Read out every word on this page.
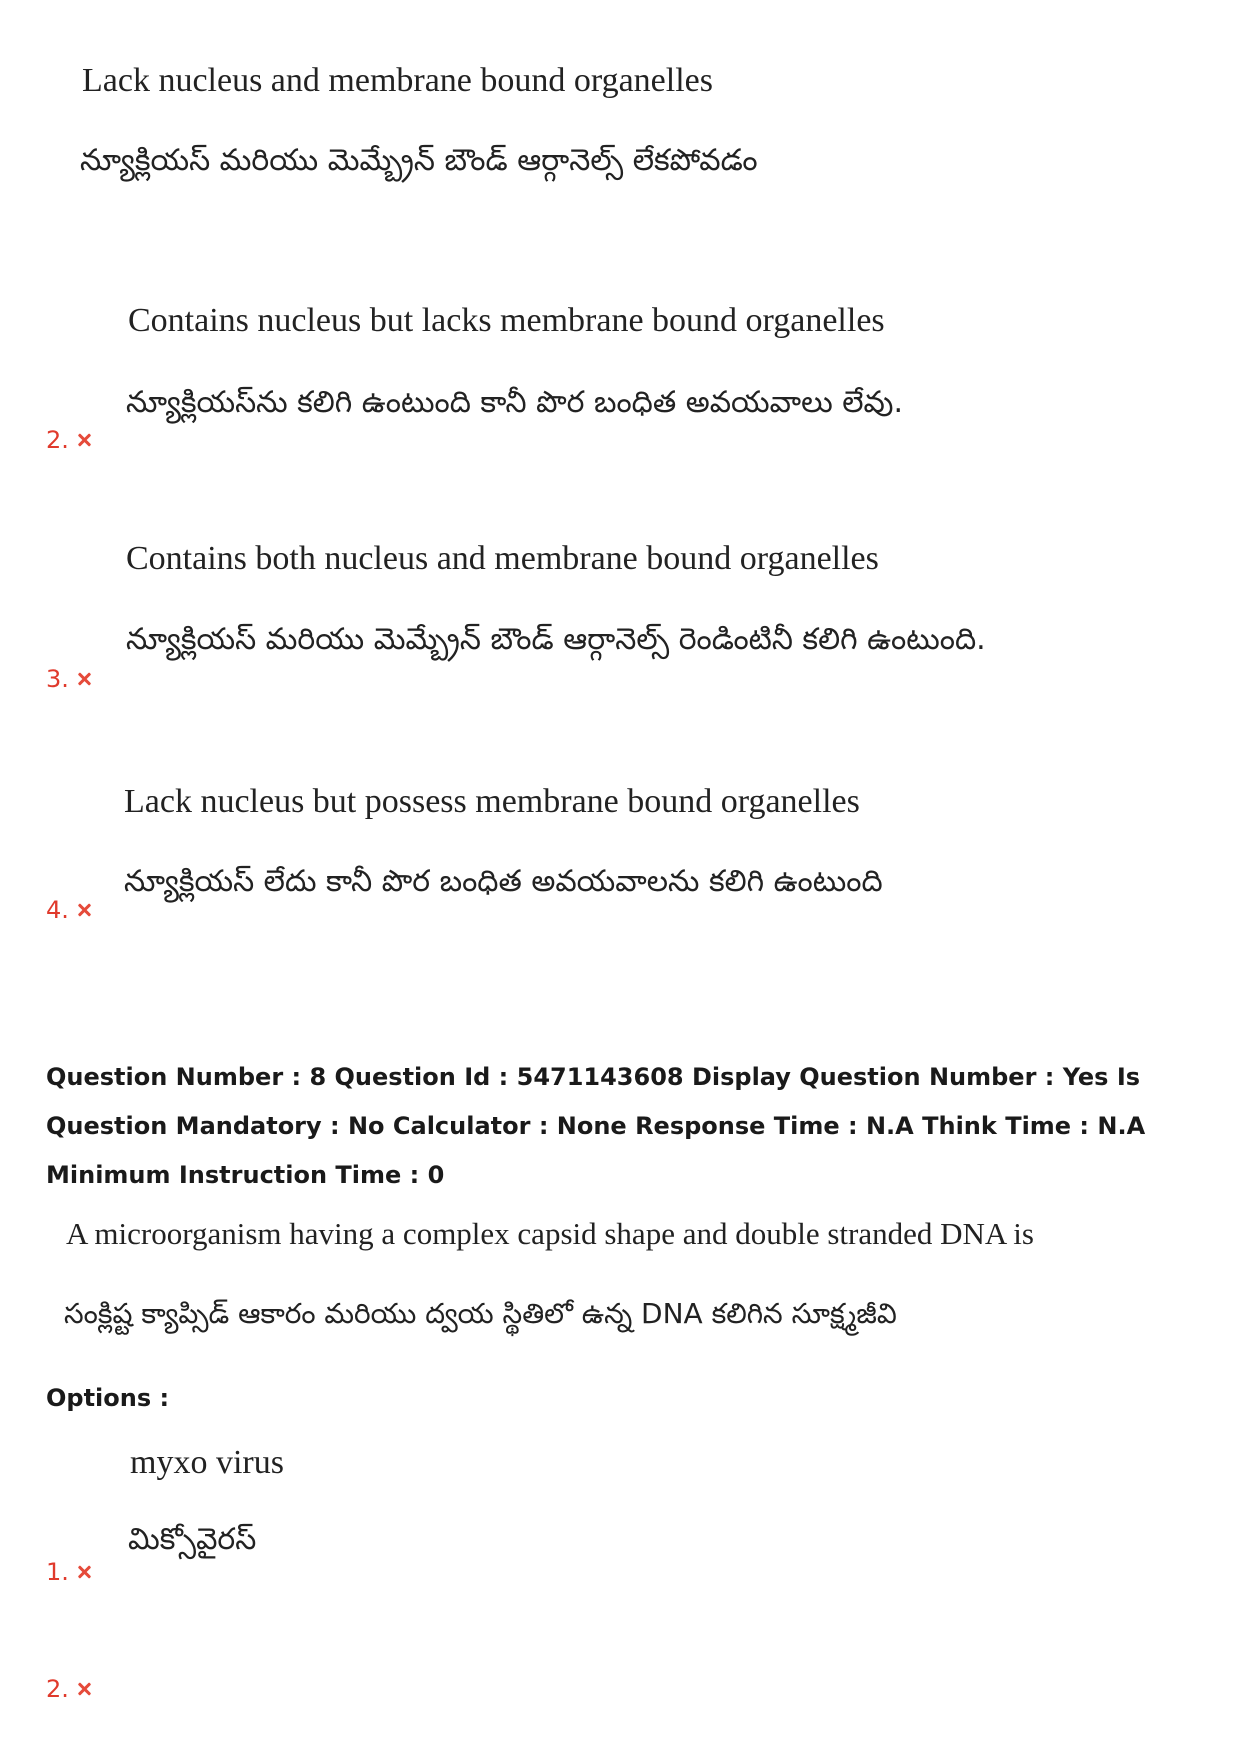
Lack nucleus and membrane bound organelles
న్యూక్లియస్ మరియు మెమ్బ్రేన్ బౌండ్ ఆర్గానెల్స్ లేకపోవడం
Contains nucleus but lacks membrane bound organelles
న్యూక్లియస్‌ను కలిగి ఉంటుంది కానీ పొర బంధిత అవయవాలు లేవు.
2.
Contains both nucleus and membrane bound organelles
న్యూక్లియస్ మరియు మెమ్బ్రేన్ బౌండ్ ఆర్గానెల్స్ రెండింటినీ కలిగి ఉంటుంది.
3.
Lack nucleus but possess membrane bound organelles
న్యూక్లియస్ లేదు కానీ పొర బంధిత అవయవాలను కలిగి ఉంటుంది
4.
Question Number : 8 Question Id : 5471143608 Display Question Number : Yes Is Question Mandatory : No Calculator : None Response Time : N.A Think Time : N.A Minimum Instruction Time : 0
A microorganism having a complex capsid shape and double stranded DNA is
సంక్లిష్ట క్యాప్సిడ్ ఆకారం మరియు ద్వయ స్థితిలో ఉన్న DNA కలిగిన సూక్ష్మజీవి
Options :
myxo virus
మిక్సోవైరస్
1.
2.
